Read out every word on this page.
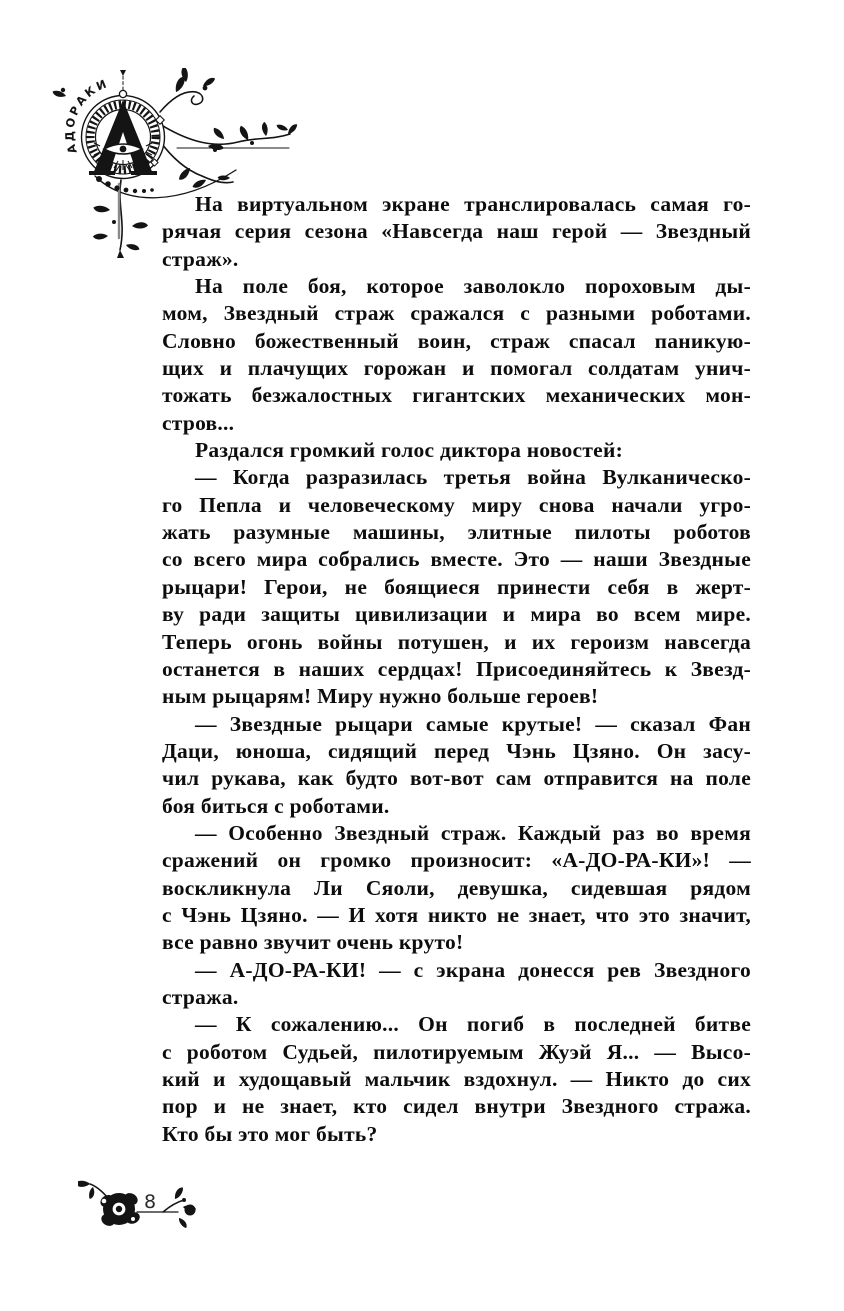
АДОРАКИ
На виртуальном экране транслировалась самая го-
рячая серия сезона «Навсегда наш герой — Звездный
страж».
На поле боя, которое заволокло пороховым ды-
мом, Звездный страж сражался с разными роботами.
Словно божественный воин, страж спасал паникую-
щих и плачущих горожан и помогал солдатам унич-
тожать безжалостных гигантских механических мон-
стров...
Раздался громкий голос диктора новостей:
— Когда разразилась третья война Вулканическо-
го Пепла и человеческому миру снова начали угро-
жать разумные машины, элитные пилоты роботов
со всего мира собрались вместе. Это — наши Звездные
рыцари! Герои, не боящиеся принести себя в жерт-
ву ради защиты цивилизации и мира во всем мире.
Теперь огонь войны потушен, и их героизм навсегда
останется в наших сердцах! Присоединяйтесь к Звезд-
ным рыцарям! Миру нужно больше героев!
— Звездные рыцари самые крутые! — сказал Фан
Даци, юноша, сидящий перед Чэнь Цзяно. Он засу-
чил рукава, как будто вот-вот сам отправится на поле
боя биться с роботами.
— Особенно Звездный страж. Каждый раз во время
сражений он громко произносит: «А-ДО-РА-КИ»! —
воскликнула Ли Сяоли, девушка, сидевшая рядом
с Чэнь Цзяно. — И хотя никто не знает, что это значит,
все равно звучит очень круто!
— А-ДО-РА-КИ! — с экрана донесся рев Звездного
стража.
— К сожалению... Он погиб в последней битве
с роботом Судьей, пилотируемым Жуэй Я... — Высо-
кий и худощавый мальчик вздохнул. — Никто до сих
пор и не знает, кто сидел внутри Звездного стража.
Кто бы это мог быть?
8
